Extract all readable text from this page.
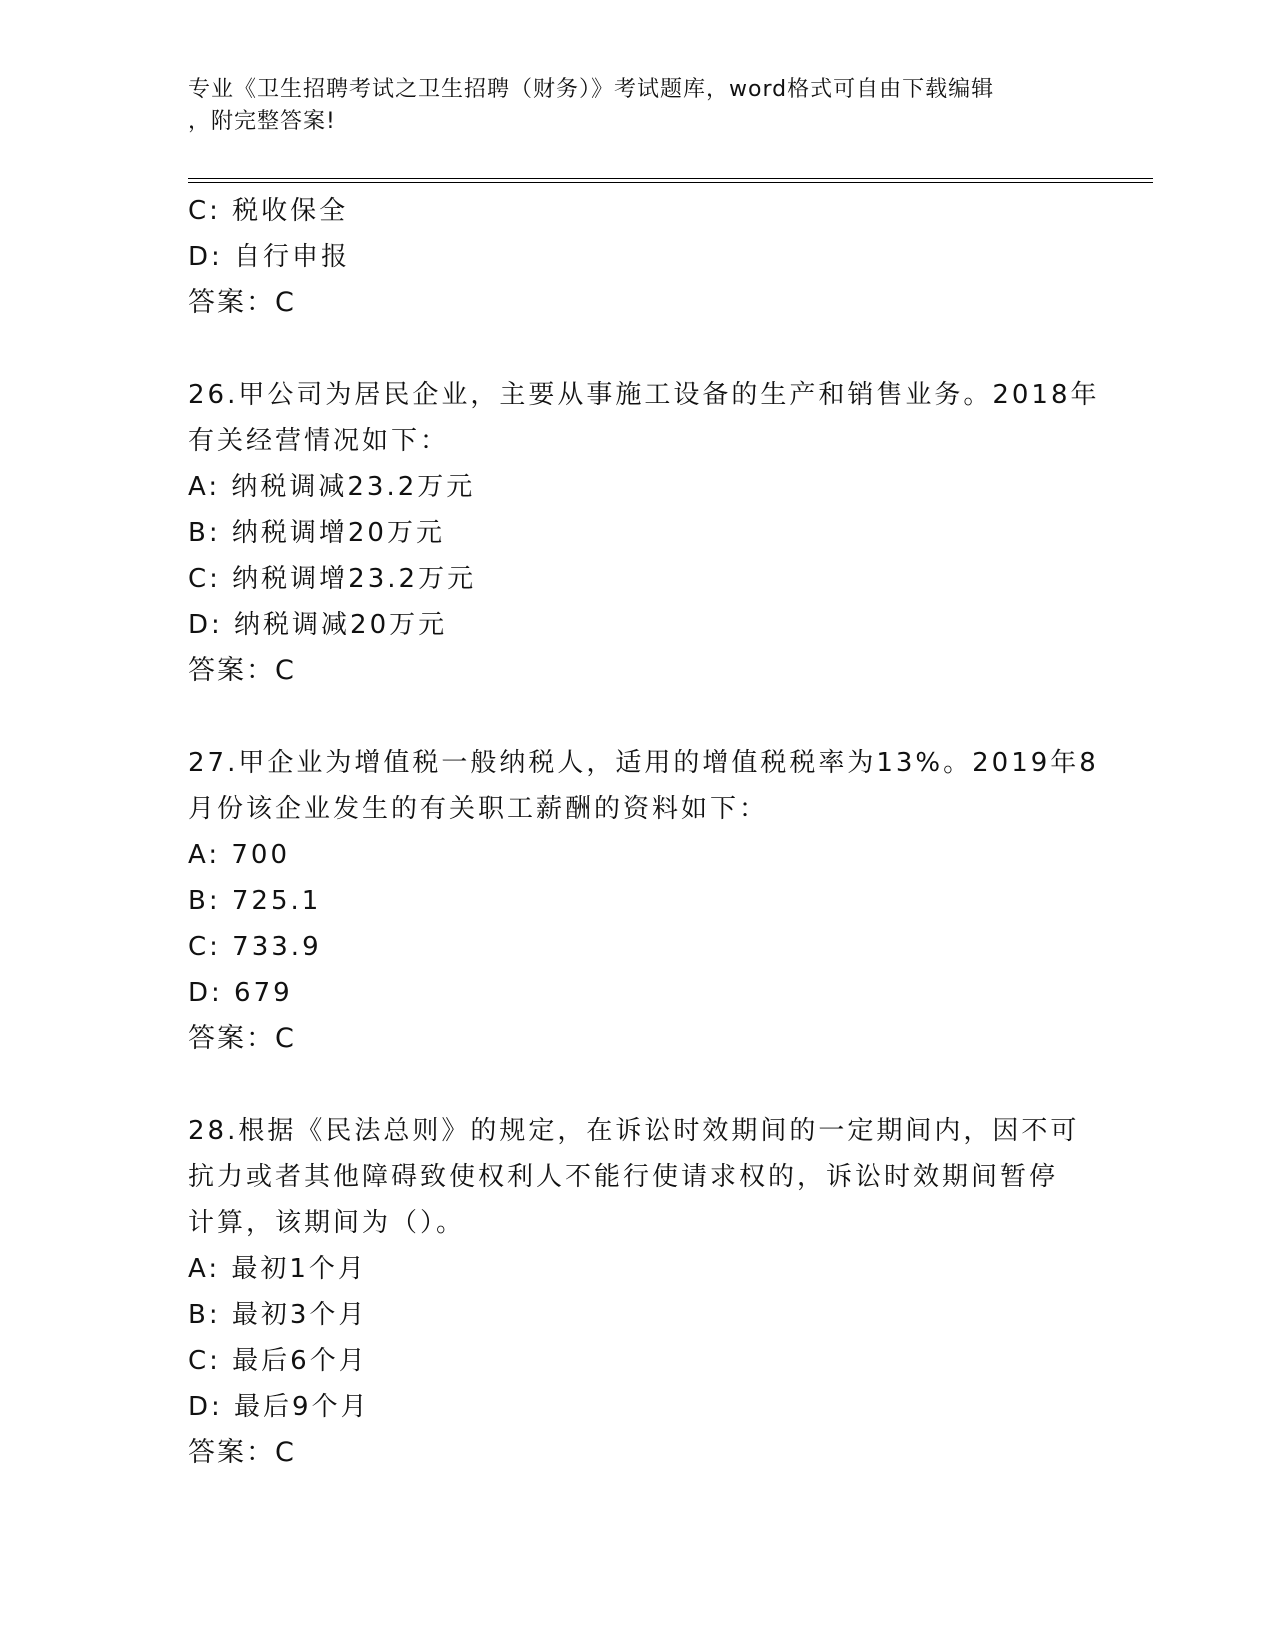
专业《卫生招聘考试之卫生招聘（财务）》考试题库，word格式可自由下载编辑
，附完整答案!
C: 税收保全
D: 自行申报
答案：C
26.甲公司为居民企业，主要从事施工设备的生产和销售业务。2018年
有关经营情况如下：
A: 纳税调减23.2万元
B: 纳税调增20万元
C: 纳税调增23.2万元
D: 纳税调减20万元
答案：C
27.甲企业为增值税一般纳税人，适用的增值税税率为13%。2019年8
月份该企业发生的有关职工薪酬的资料如下：
A: 700
B: 725.1
C: 733.9
D: 679
答案：C
28.根据《民法总则》的规定，在诉讼时效期间的一定期间内，因不可
抗力或者其他障碍致使权利人不能行使请求权的，诉讼时效期间暂停
计算，该期间为（）。
A: 最初1个月
B: 最初3个月
C: 最后6个月
D: 最后9个月
答案：C
